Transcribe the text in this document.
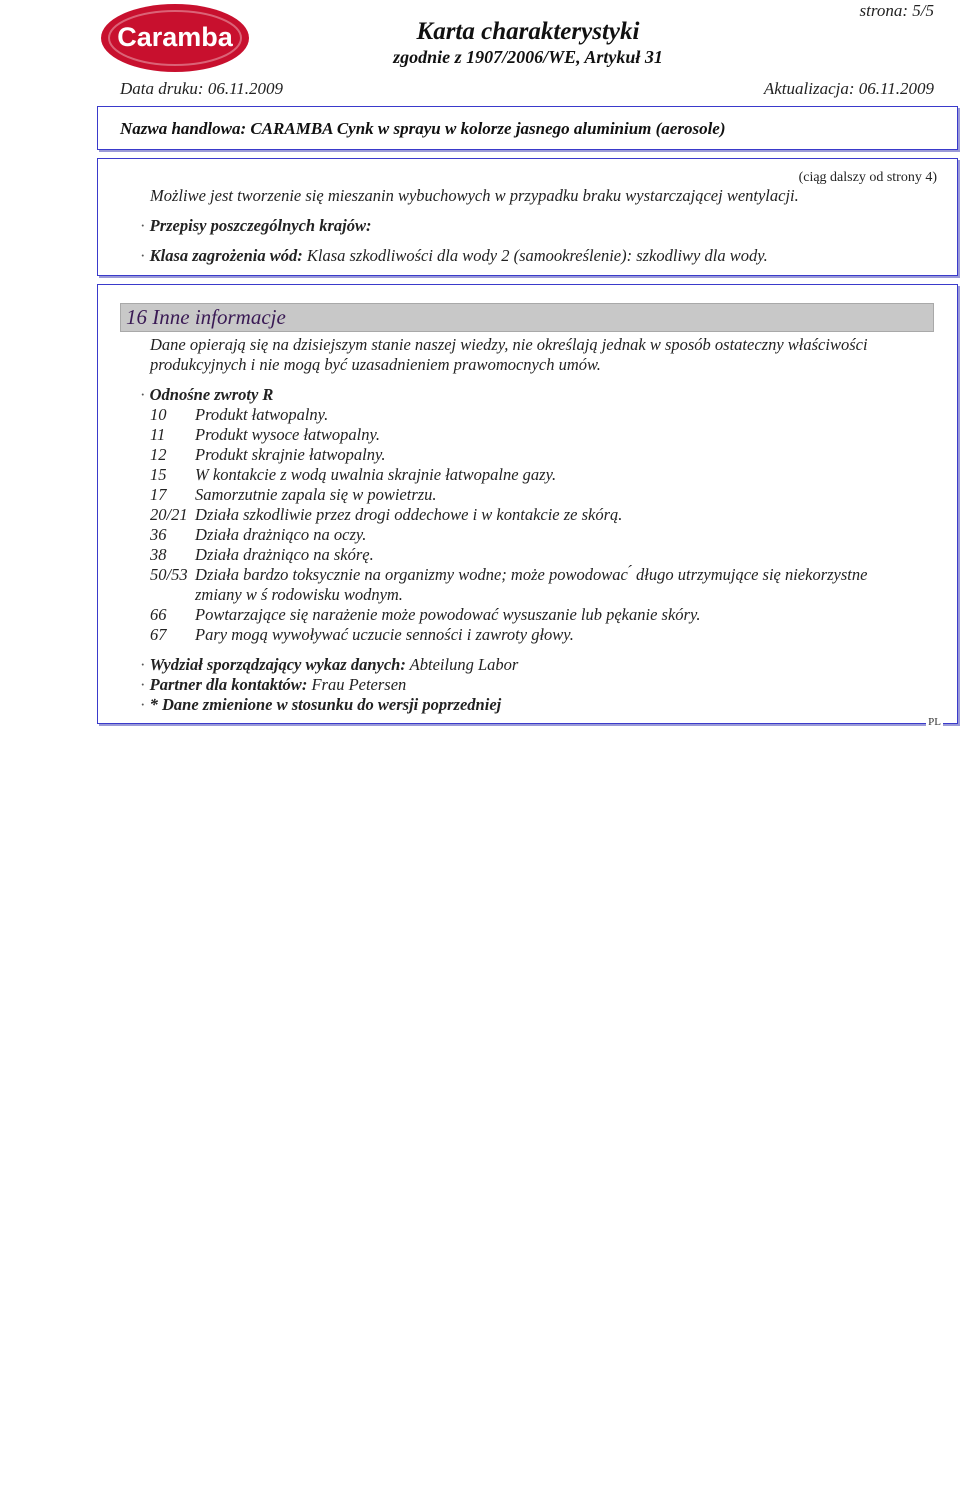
Caramba
strona: 5/5
Karta charakterystyki
zgodnie z 1907/2006/WE, Artykuł 31
Data druku: 06.11.2009	Aktualizacja: 06.11.2009
Nazwa handlowa: CARAMBA Cynk w sprayu w kolorze jasnego aluminium (aerosole)
(ciąg dalszy od strony 4)
Możliwe jest tworzenie się mieszanin wybuchowych w przypadku braku wystarczającej wentylacji.
· Przepisy poszczególnych krajów:
· Klasa zagrożenia wód: Klasa szkodliwości dla wody 2 (samookreślenie): szkodliwy dla wody.
16 Inne informacje
Dane opierają się na dzisiejszym stanie naszej wiedzy, nie określają jednak w sposób ostateczny właściwości
produkcyjnych i nie mogą być uzasadnieniem prawomocnych umów.
· Odnośne zwroty R
10 Produkt łatwopalny.
11 Produkt wysoce łatwopalny.
12 Produkt skrajnie łatwopalny.
15 W kontakcie z wodą uwalnia skrajnie łatwopalne gazy.
17 Samorzutnie zapala się w powietrzu.
20/21 Działa szkodliwie przez drogi oddechowe i w kontakcie ze skórą.
36 Działa drażniąco na oczy.
38 Działa drażniąco na skórę.
50/53 Działa bardzo toksycznie na organizmy wodne; może powodowac ́ długo utrzymujące się niekorzystne
zmiany w ś rodowisku wodnym.
66 Powtarzające się narażenie może powodować wysuszanie lub pękanie skóry.
67 Pary mogą wywoływać uczucie senności i zawroty głowy.
· Wydział sporządzający wykaz danych: Abteilung Labor
· Partner dla kontaktów: Frau Petersen
· * Dane zmienione w stosunku do wersji poprzedniej
PL
